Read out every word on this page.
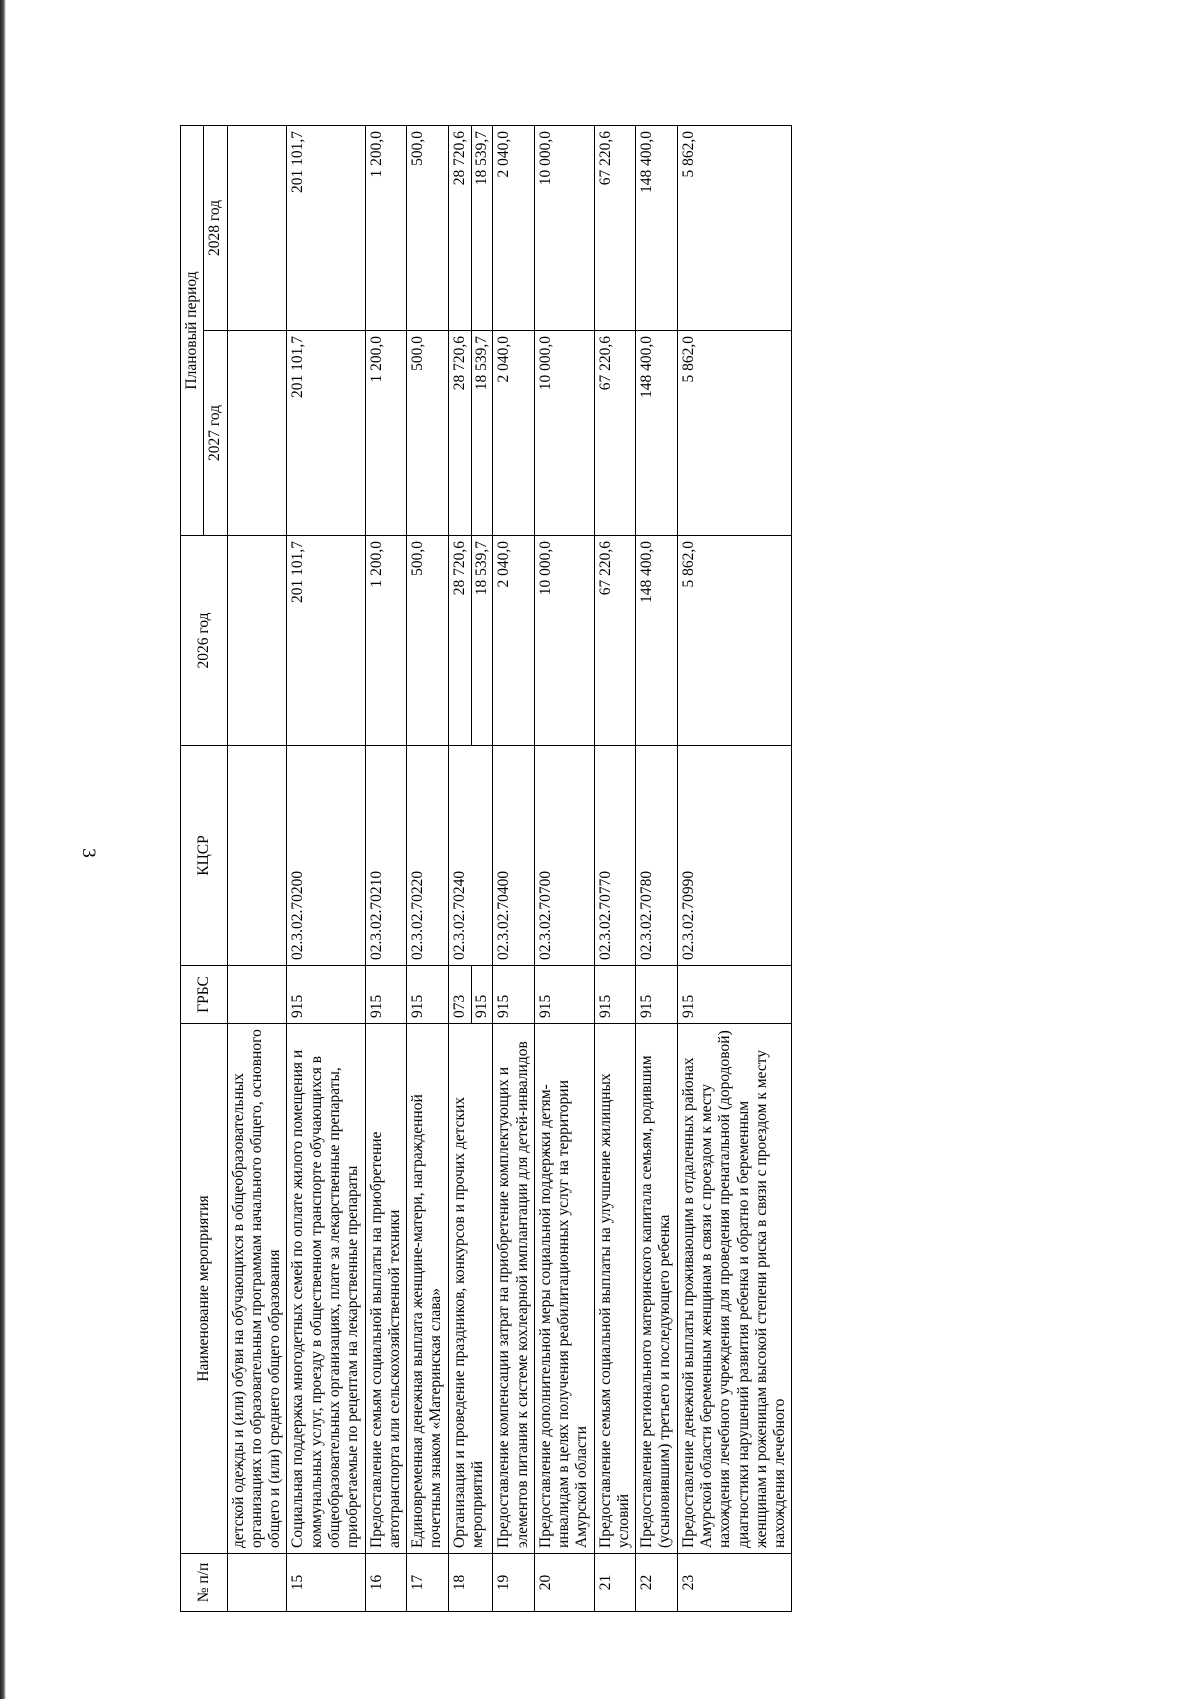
3
№ п/п	Наименование мероприятия	ГРБС	КЦСР	2026 год	Плановый период	
					2027 год	2028 год
	детской одежды и (или) обуви на обучающихся в общеобразовательных организациях по образовательным программам начального общего, основного общего и (или) среднего общего образования					
15	Социальная поддержка многодетных семей по оплате жилого помещения и коммунальных услуг, проезду в общественном транспорте обучающихся в общеобразовательных организациях, плате за лекарственные препараты, приобретаемые по рецептам на лекарственные препараты	915	02.3.02.70200	201 101,7	201 101,7	201 101,7
16	Предоставление семьям социальной выплаты на приобретение автотранспорта или сельскохозяйственной техники	915	02.3.02.70210	1 200,0	1 200,0	1 200,0
17	Единовременная денежная выплата женщине-матери, награжденной почетным знаком «Материнская слава»	915	02.3.02.70220	500,0	500,0	500,0
18	Организация и проведение праздников, конкурсов и прочих детских мероприятий	073	02.3.02.70240	28 720,6	28 720,6	28 720,6
		915		18 539,7	18 539,7	18 539,7
19	Предоставление компенсации затрат на приобретение комплектующих и элементов питания к системе кохлеарной имплантации для детей-инвалидов	915	02.3.02.70400	2 040,0	2 040,0	2 040,0
20	Предоставление дополнительной меры социальной поддержки детям-инвалидам в целях получения реабилитационных услуг на территории Амурской области	915	02.3.02.70700	10 000,0	10 000,0	10 000,0
21	Предоставление семьям социальной выплаты на улучшение жилищных условий	915	02.3.02.70770	67 220,6	67 220,6	67 220,6
22	Предоставление регионального материнского капитала семьям, родившим (усыновившим) третьего и последующего ребенка	915	02.3.02.70780	148 400,0	148 400,0	148 400,0
23	Предоставление денежной выплаты проживающим в отдаленных районах Амурской области беременным женщинам в связи с проездом к месту нахождения лечебного учреждения для проведения пренатальной (дородовой) диагностики нарушений развития ребенка и обратно и беременным женщинам и роженицам высокой степени риска в связи с проездом к месту нахождения лечебного	915	02.3.02.70990	5 862,0	5 862,0	5 862,0
